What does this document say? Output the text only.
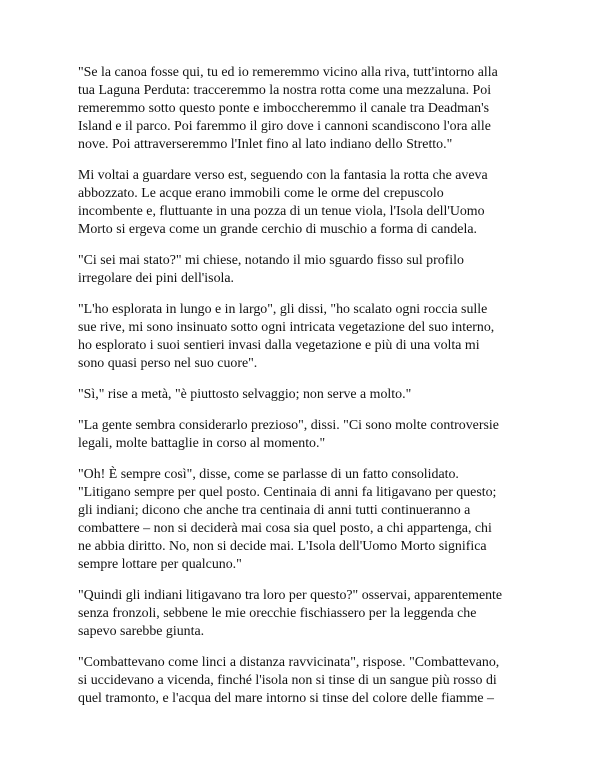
"Se la canoa fosse qui, tu ed io remeremmo vicino alla riva, tutt'intorno alla
tua Laguna Perduta: tracceremmo la nostra rotta come una mezzaluna. Poi
remeremmo sotto questo ponte e imboccheremmo il canale tra Deadman's
Island e il parco. Poi faremmo il giro dove i cannoni scandiscono l'ora alle
nove. Poi attraverseremmo l'Inlet fino al lato indiano dello Stretto."

Mi voltai a guardare verso est, seguendo con la fantasia la rotta che aveva
abbozzato. Le acque erano immobili come le orme del crepuscolo
incombente e, fluttuante in una pozza di un tenue viola, l'Isola dell'Uomo
Morto si ergeva come un grande cerchio di muschio a forma di candela.

"Ci sei mai stato?" mi chiese, notando il mio sguardo fisso sul profilo
irregolare dei pini dell'isola.

"L'ho esplorata in lungo e in largo", gli dissi, "ho scalato ogni roccia sulle
sue rive, mi sono insinuato sotto ogni intricata vegetazione del suo interno,
ho esplorato i suoi sentieri invasi dalla vegetazione e più di una volta mi
sono quasi perso nel suo cuore".

"Sì," rise a metà, "è piuttosto selvaggio; non serve a molto."

"La gente sembra considerarlo prezioso", dissi. "Ci sono molte controversie
legali, molte battaglie in corso al momento."

"Oh! È sempre così", disse, come se parlasse di un fatto consolidato.
"Litigano sempre per quel posto. Centinaia di anni fa litigavano per questo;
gli indiani; dicono che anche tra centinaia di anni tutti continueranno a
combattere – non si deciderà mai cosa sia quel posto, a chi appartenga, chi
ne abbia diritto. No, non si decide mai. L'Isola dell'Uomo Morto significa
sempre lottare per qualcuno."

"Quindi gli indiani litigavano tra loro per questo?" osservai, apparentemente
senza fronzoli, sebbene le mie orecchie fischiassero per la leggenda che
sapevo sarebbe giunta.

"Combattevano come linci a distanza ravvicinata", rispose. "Combattevano,
si uccidevano a vicenda, finché l'isola non si tinse di un sangue più rosso di
quel tramonto, e l'acqua del mare intorno si tinse del colore delle fiamme –
